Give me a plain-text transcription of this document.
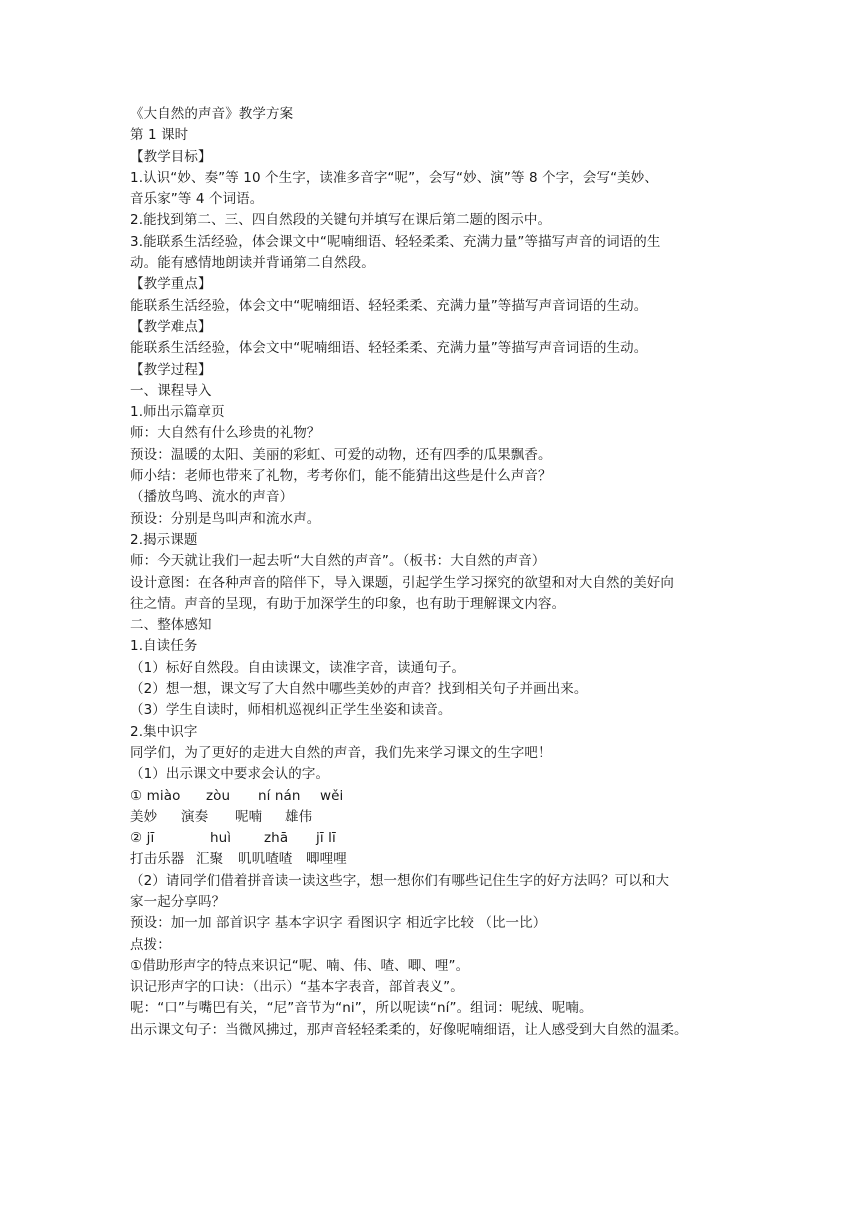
《大自然的声音》教学方案
第 1 课时
【教学目标】
1.认识“妙、奏”等 10 个生字，读准多音字“呢”，会写“妙、演”等 8 个字，会写“美妙、
音乐家”等 4 个词语。
2.能找到第二、三、四自然段的关键句并填写在课后第二题的图示中。
3.能联系生活经验，体会课文中“呢喃细语、轻轻柔柔、充满力量”等描写声音的词语的生
动。能有感情地朗读并背诵第二自然段。
【教学重点】
能联系生活经验，体会文中“呢喃细语、轻轻柔柔、充满力量”等描写声音词语的生动。
【教学难点】
能联系生活经验，体会文中“呢喃细语、轻轻柔柔、充满力量”等描写声音词语的生动。
【教学过程】
一、课程导入
1.师出示篇章页
师：大自然有什么珍贵的礼物？
预设：温暖的太阳、美丽的彩虹、可爱的动物，还有四季的瓜果飘香。
师小结：老师也带来了礼物，考考你们，能不能猜出这些是什么声音？
（播放鸟鸣、流水的声音）
预设：分别是鸟叫声和流水声。
2.揭示课题
师：今天就让我们一起去听“大自然的声音”。（板书：大自然的声音）
设计意图：在各种声音的陪伴下，导入课题，引起学生学习探究的欲望和对大自然的美好向
往之情。声音的呈现，有助于加深学生的印象，也有助于理解课文内容。
二、整体感知
1.自读任务
（1）标好自然段。自由读课文，读准字音，读通句子。
（2）想一想，课文写了大自然中哪些美妙的声音？找到相关句子并画出来。
（3）学生自读时，师相机巡视纠正学生坐姿和读音。
2.集中识字
同学们，为了更好的走进大自然的声音，我们先来学习课文的生字吧！
（1）出示课文中要求会认的字。
① miào zòu ní nán wěi
美妙 演奏 呢喃 雄伟
② jī	huì zhā jī lī
打击乐器 汇聚 叽叽喳喳 唧哩哩
（2）请同学们借着拼音读一读这些字，想一想你们有哪些记住生字的好方法吗？可以和大
家一起分享吗？
预设：加一加 部首识字 基本字识字 看图识字 相近字比较 （比一比）
点拨：
①借助形声字的特点来识记“呢、喃、伟、喳、唧、哩”。
识记形声字的口诀：（出示）“基本字表音，部首表义”。
呢：“口”与嘴巴有关，“尼”音节为“ni”，所以呢读“ní”。组词：呢绒、呢喃。
出示课文句子：当微风拂过，那声音轻轻柔柔的，好像呢喃细语，让人感受到大自然的温柔。
